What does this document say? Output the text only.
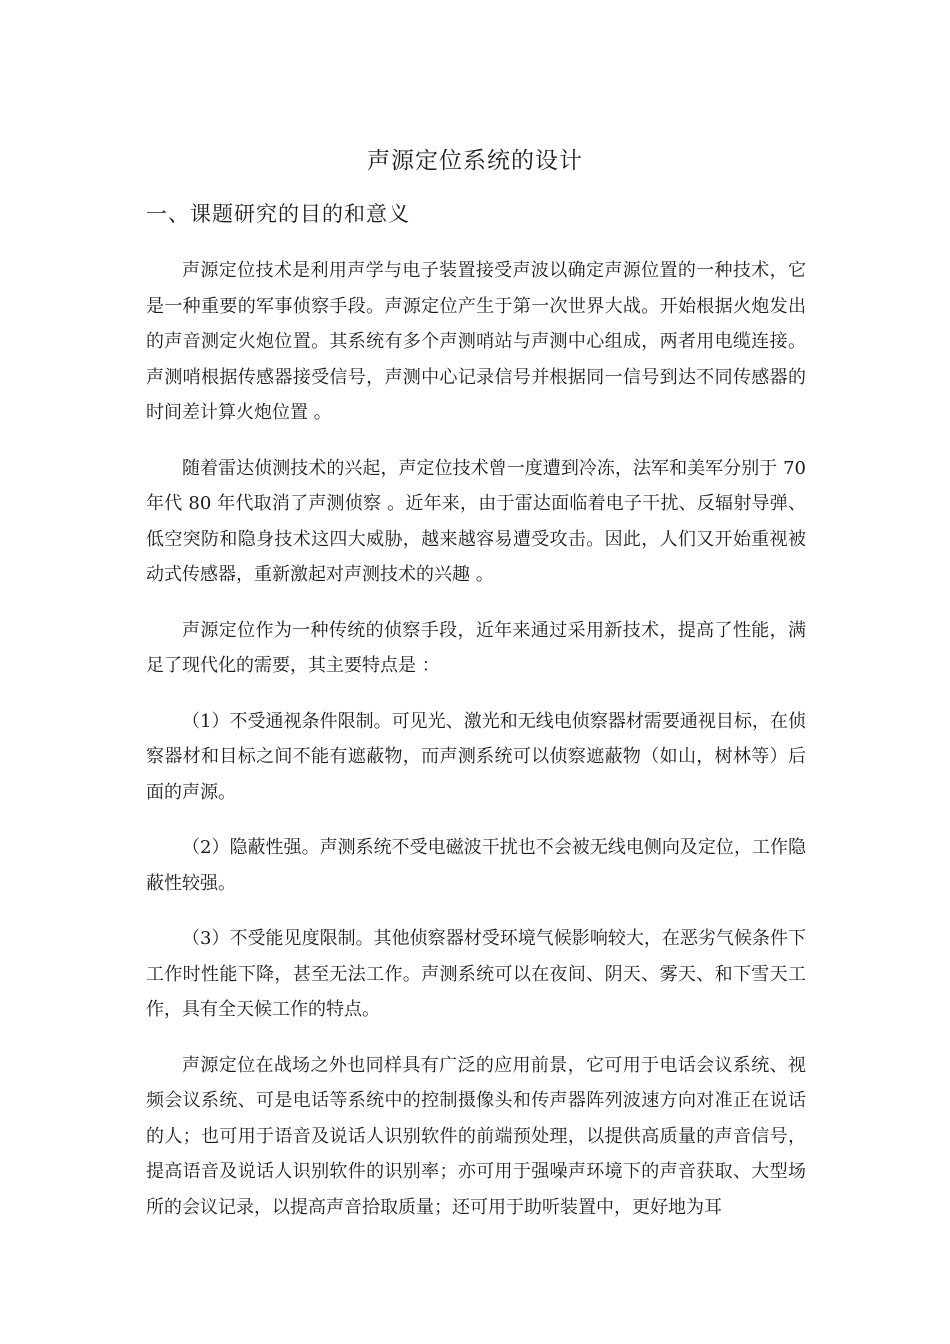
声源定位系统的设计
一、课题研究的目的和意义

声源定位技术是利用声学与电子装置接受声波以确定声源位置的一种技术，它是一种重要的军事侦察手段。声源定位产生于第一次世界大战。开始根据火炮发出的声音测定火炮位置。其系统有多个声测哨站与声测中心组成，两者用电缆连接。声测哨根据传感器接受信号，声测中心记录信号并根据同一信号到达不同传感器的时间差计算火炮位置 。

随着雷达侦测技术的兴起，声定位技术曾一度遭到冷冻，法军和美军分别于 70 年代 80 年代取消了声测侦察 。近年来，由于雷达面临着电子干扰、反辐射导弹、低空突防和隐身技术这四大威胁，越来越容易遭受攻击。因此，人们又开始重视被动式传感器，重新激起对声测技术的兴趣 。

声源定位作为一种传统的侦察手段，近年来通过采用新技术，提高了性能，满足了现代化的需要，其主要特点是 ：

（1）不受通视条件限制。可见光、激光和无线电侦察器材需要通视目标，在侦察器材和目标之间不能有遮蔽物，而声测系统可以侦察遮蔽物（如山，树林等）后面的声源。

（2）隐蔽性强。声测系统不受电磁波干扰也不会被无线电侧向及定位，工作隐蔽性较强。

（3）不受能见度限制。其他侦察器材受环境气候影响较大，在恶劣气候条件下工作时性能下降，甚至无法工作。声测系统可以在夜间、阴天、雾天、和下雪天工作，具有全天候工作的特点。

声源定位在战场之外也同样具有广泛的应用前景，它可用于电话会议系统、视频会议系统、可是电话等系统中的控制摄像头和传声器阵列波速方向对准正在说话的人；也可用于语音及说话人识别软件的前端预处理，以提供高质量的声音信号，提高语音及说话人识别软件的识别率；亦可用于强噪声环境下的声音获取、大型场所的会议记录，以提高声音拾取质量；还可用于助听装置中，更好地为耳
